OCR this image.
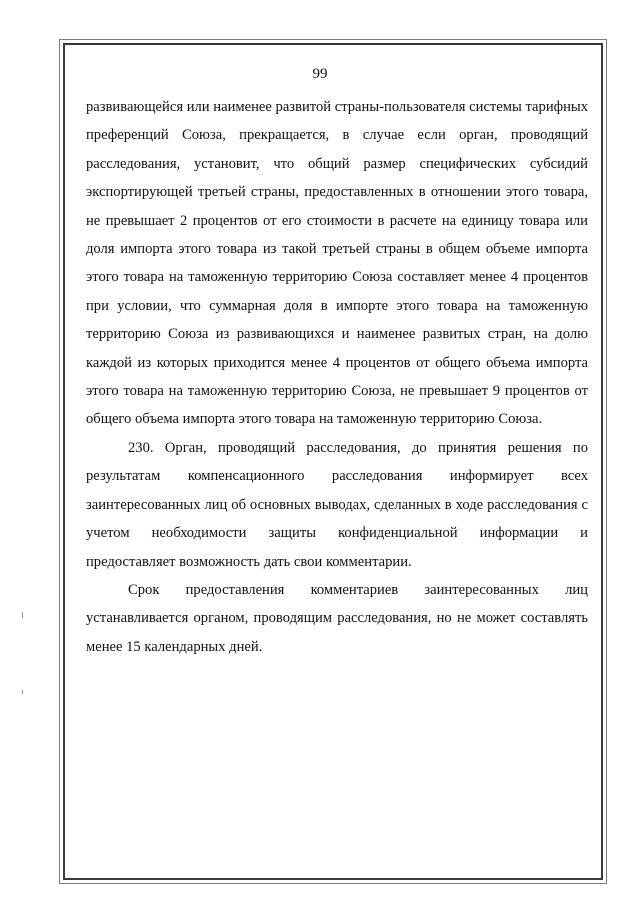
99

развивающейся или наименее развитой страны-пользователя системы тарифных преференций Союза, прекращается, в случае если орган, проводящий расследования, установит, что общий размер специфических субсидий экспортирующей третьей страны, предоставленных в отношении этого товара, не превышает 2 процентов от его стоимости в расчете на единицу товара или доля импорта этого товара из такой третьей страны в общем объеме импорта этого товара на таможенную территорию Союза составляет менее 4 процентов при условии, что суммарная доля в импорте этого товара на таможенную территорию Союза из развивающихся и наименее развитых стран, на долю каждой из которых приходится менее 4 процентов от общего объема импорта этого товара на таможенную территорию Союза, не превышает 9 процентов от общего объема импорта этого товара на таможенную территорию Союза.

230. Орган, проводящий расследования, до принятия решения по результатам компенсационного расследования информирует всех заинтересованных лиц об основных выводах, сделанных в ходе расследования с учетом необходимости защиты конфиденциальной информации и предоставляет возможность дать свои комментарии.

Срок предоставления комментариев заинтересованных лиц устанавливается органом, проводящим расследования, но не может составлять менее 15 календарных дней.
